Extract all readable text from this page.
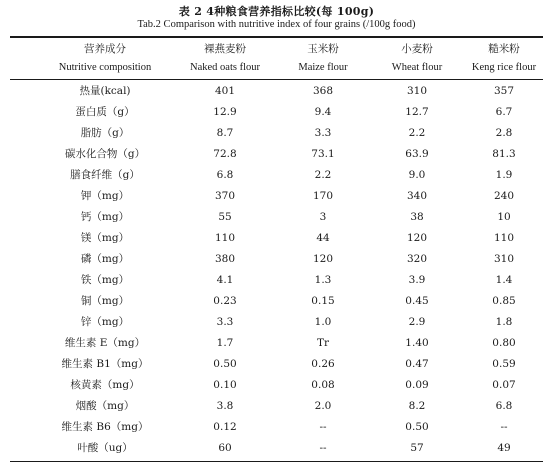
表 2 4种粮食营养指标比较(每 100g)
Tab.2 Comparison with nutritive index of four grains (/100g food)
营养成分	裸燕麦粉	玉米粉	小麦粉	糙米粉
Nutritive composition	Naked oats flour	Maize flour	Wheat flour	Keng rice flour
热量(kcal)	401	368	310	357
蛋白质（g）	12.9	9.4	12.7	6.7
脂肪（g）	8.7	3.3	2.2	2.8
碳水化合物（g）	72.8	73.1	63.9	81.3
膳食纤维（g）	6.8	2.2	9.0	1.9
钾（mg）	370	170	340	240
钙（mg）	55	3	38	10
镁（mg）	110	44	120	110
磷（mg）	380	120	320	310
铁（mg）	4.1	1.3	3.9	1.4
铜（mg）	0.23	0.15	0.45	0.85
锌（mg）	3.3	1.0	2.9	1.8
维生素 E（mg）	1.7	Tr	1.40	0.80
维生素 B1（mg）	0.50	0.26	0.47	0.59
核黄素（mg）	0.10	0.08	0.09	0.07
烟酸（mg）	3.8	2.0	8.2	6.8
维生素 B6（mg）	0.12	--	0.50	--
叶酸（ug）	60	--	57	49
